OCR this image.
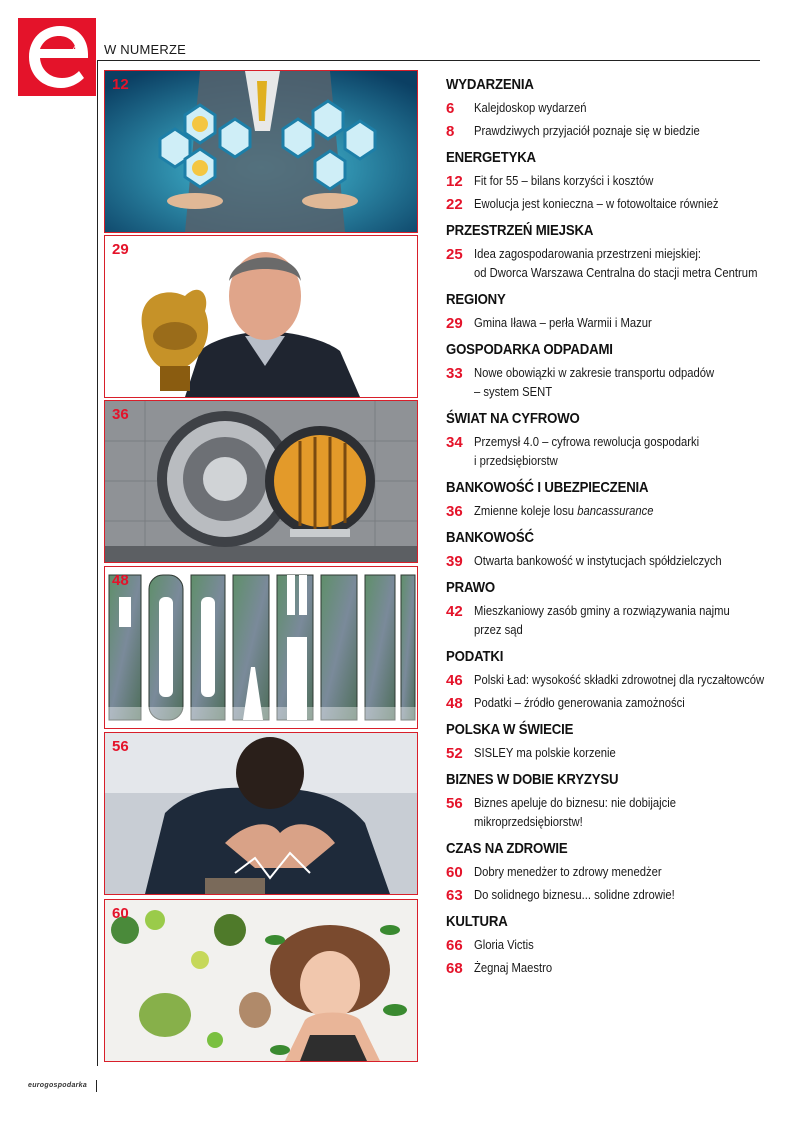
4 W NUMERZE
12
29
36
48
56
60
WYDARZENIA
6	Kalejdoskop wydarzeń
8	Prawdziwych przyjaciół poznaje się w biedzie
ENERGETYKA
12 Fit for 55 – bilans korzyści i kosztów
22 Ewolucja jest konieczna – w fotowoltaice również
PRZESTRZEŃ MIEJSKA
25 Idea zagospodarowania przestrzeni miejskiej:
od Dworca Warszawa Centralna do stacji metra Centrum
REGIONY
29 Gmina Iława – perła Warmii i Mazur
GOSPODARKA ODPADAMI
33 Nowe obowiązki w zakresie transportu odpadów
– system SENT
ŚWIAT NA CYFROWO
34 Przemysł 4.0 – cyfrowa rewolucja gospodarki
i przedsiębiorstw
BANKOWOŚĆ I UBEZPIECZENIA
36 Zmienne koleje losu bancassurance
BANKOWOŚĆ
39 Otwarta bankowość w instytucjach spółdzielczych
PRAWO
42 Mieszkaniowy zasób gminy a rozwiązywania najmu
przez sąd
PODATKI
46 Polski Ład: wysokość składki zdrowotnej dla ryczałtowców
48 Podatki – źródło generowania zamożności
POLSKA W ŚWIECIE
52 SISLEY ma polskie korzenie
BIZNES W DOBIE KRYZYSU
56 Biznes apeluje do biznesu: nie dobijajcie
mikroprzedsiębiorstw!
CZAS NA ZDROWIE
60 Dobry menedżer to zdrowy menedżer
63 Do solidnego biznesu... solidne zdrowie!
KULTURA
66 Gloria Victis
68 Żegnaj Maestro
eurogospodarka
